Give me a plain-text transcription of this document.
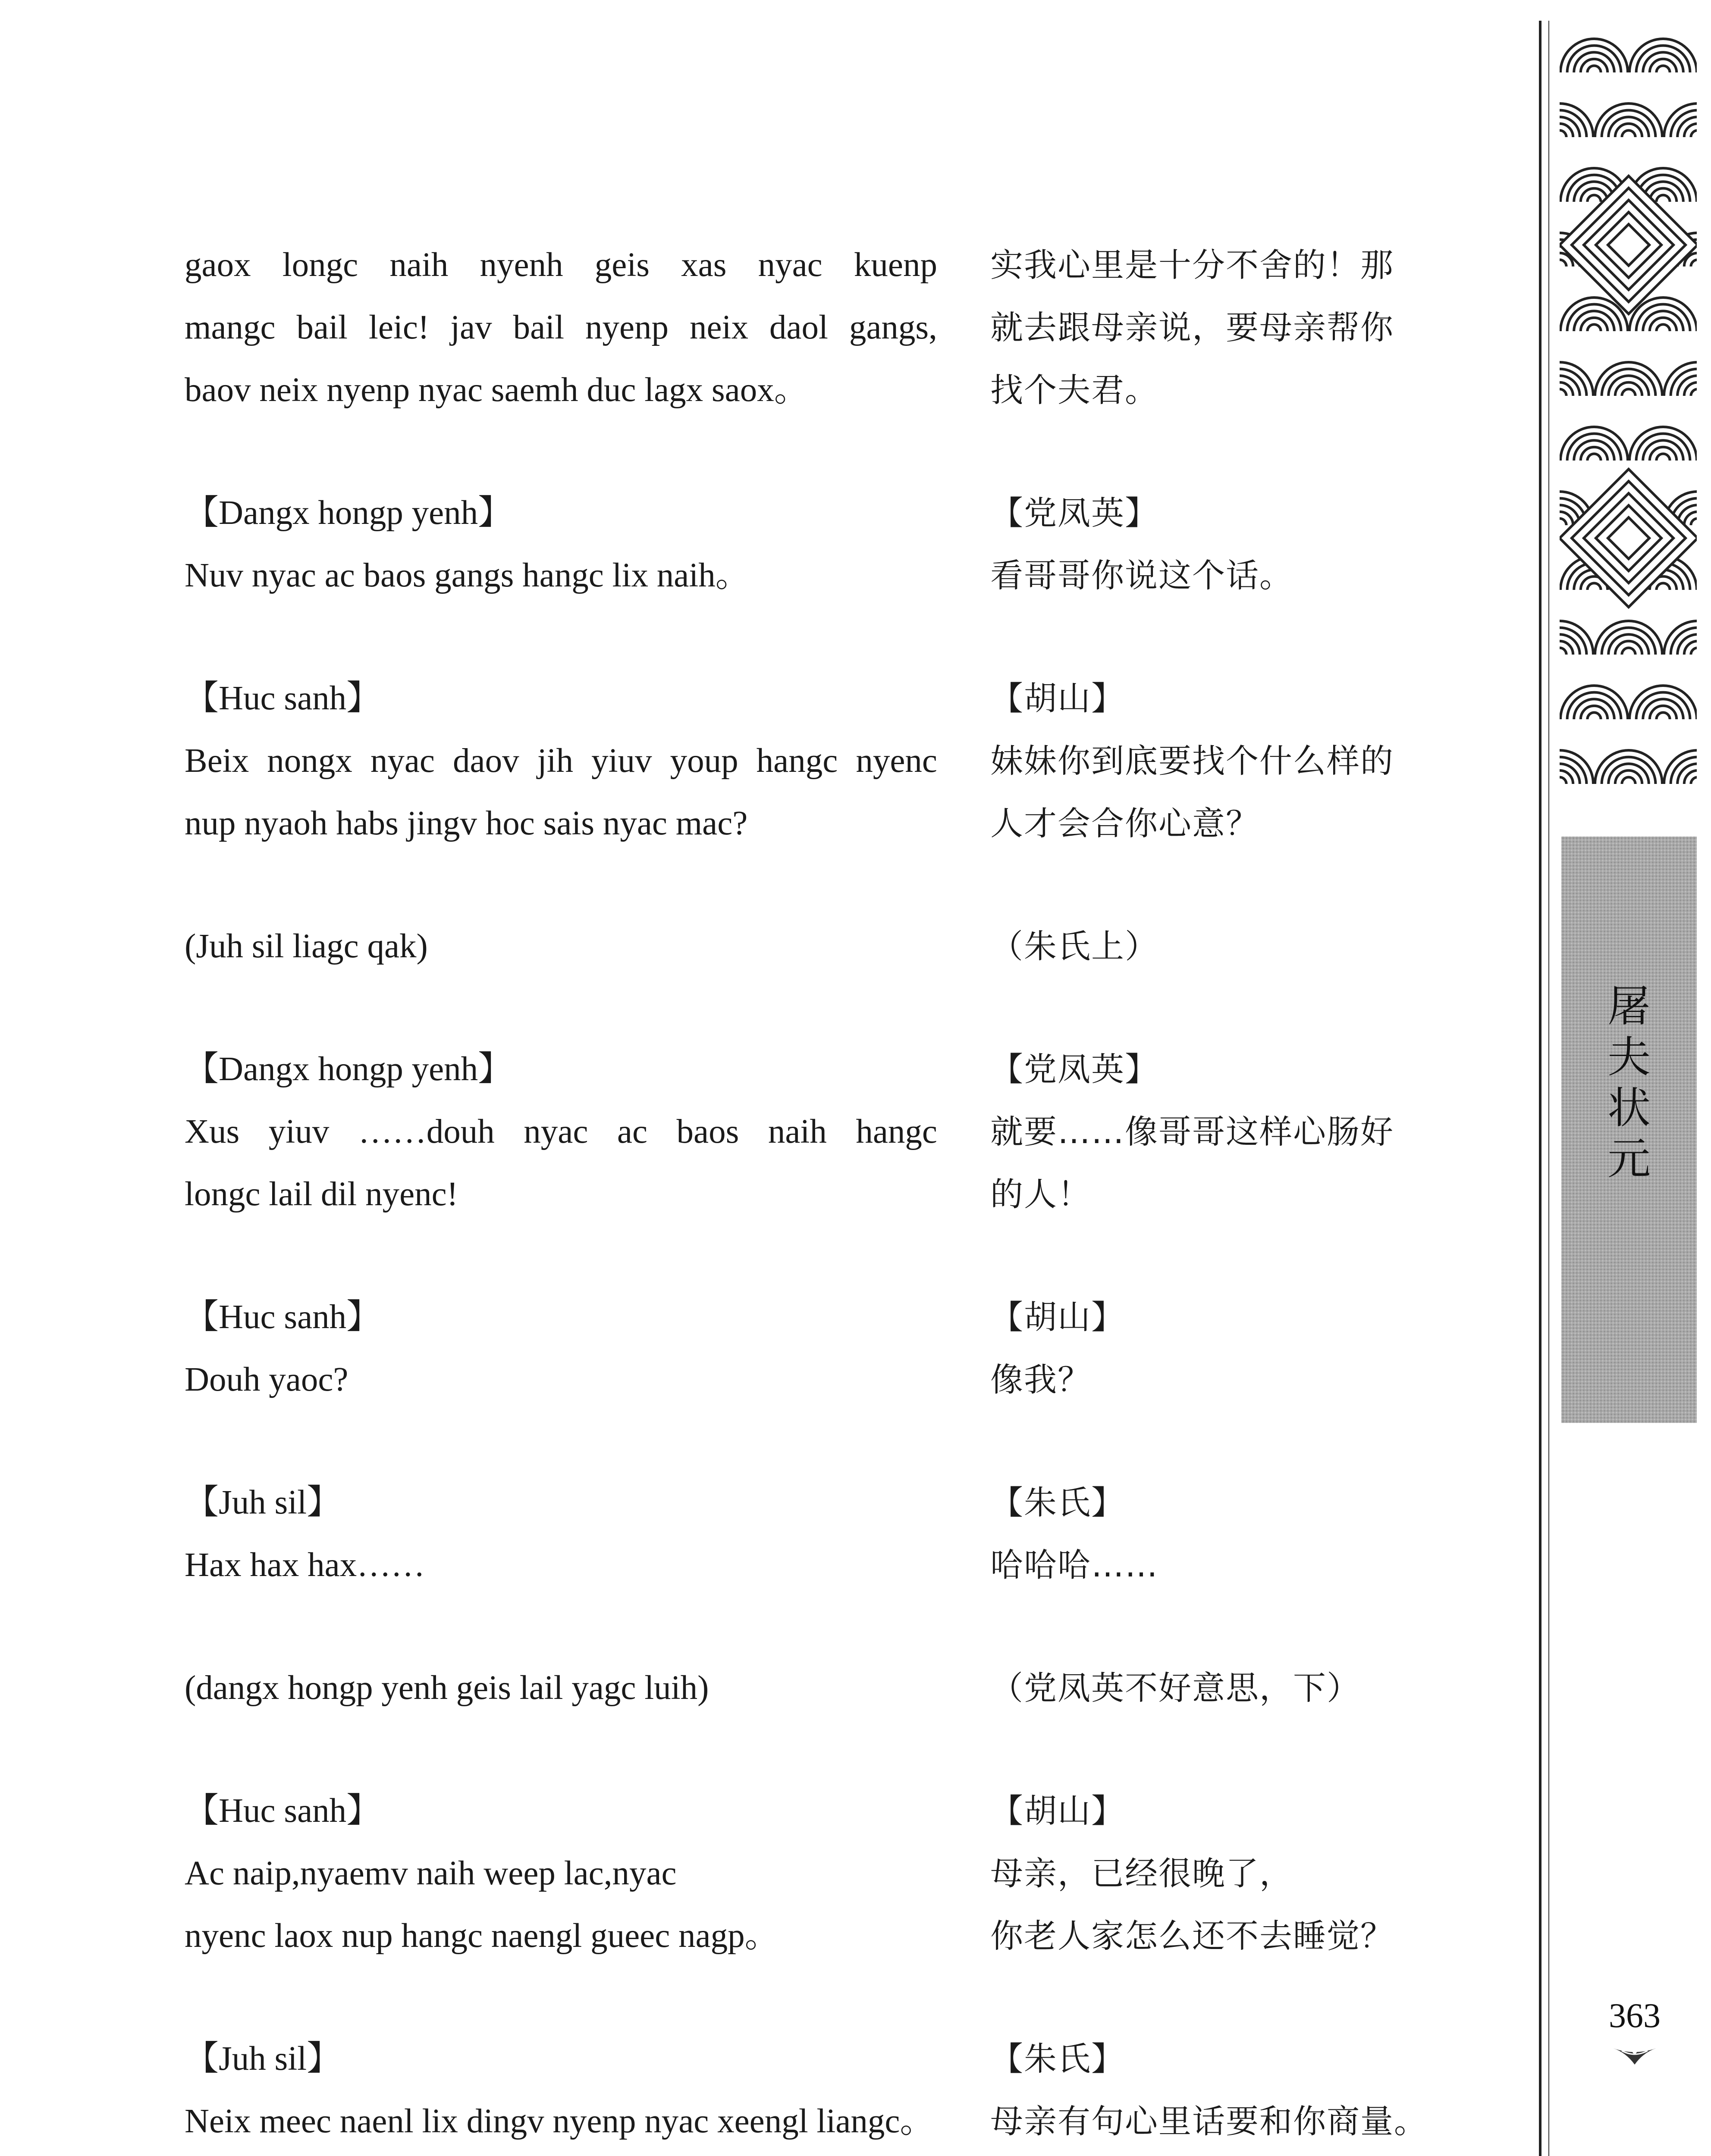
gaox longc naih nyenh geis xas nyac kuenp
mangc bail leic! jav bail nyenp neix daol gangs,
baov neix nyenp nyac saemh duc lagx saox。
【Dangx hongp yenh】
Nuv nyac ac baos gangs hangc lix naih。
【Huc sanh】
Beix nongx nyac daov jih yiuv youp hangc nyenc
nup nyaoh habs jingv hoc sais nyac mac?
(Juh sil liagc qak)
【Dangx hongp yenh】
Xus yiuv ……douh nyac ac baos naih hangc
longc lail dil nyenc!
【Huc sanh】
Douh yaoc?
【Juh sil】
Hax hax hax……
(dangx hongp yenh geis lail yagc luih)
【Huc sanh】
Ac naip,nyaemv naih weep lac,nyac
nyenc laox nup hangc naengl gueec nagp。
【Juh sil】
Neix meec naenl lix dingv nyenp nyac xeengl liangc。
实我心里是十分不舍的！那
就去跟母亲说，要母亲帮你
找个夫君。
【党凤英】
看哥哥你说这个话。
【胡山】
妹妹你到底要找个什么样的
人才会合你心意？
（朱氏上）
【党凤英】
就要……像哥哥这样心肠好
的人！
【胡山】
像我？
【朱氏】
哈哈哈……
（党凤英不好意思，下）
【胡山】
母亲，已经很晚了，
你老人家怎么还不去睡觉？
【朱氏】
母亲有句心里话要和你商量。
屠夫状元
363
